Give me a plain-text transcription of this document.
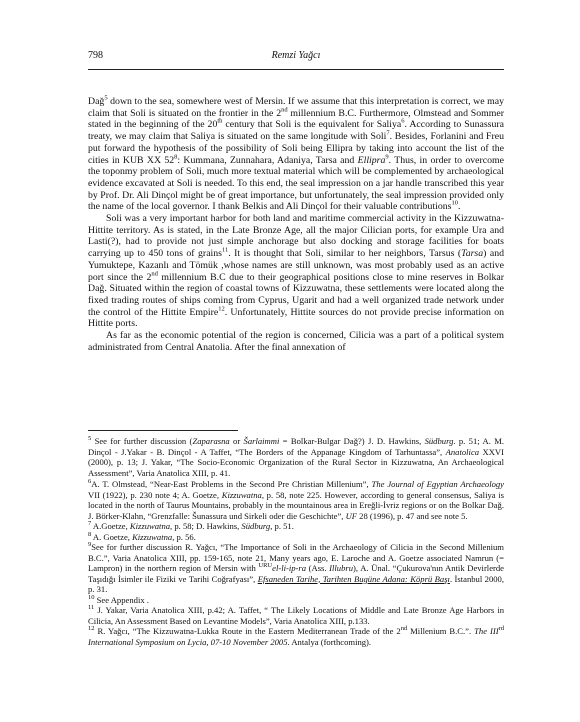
798	Remzi Yağcı

Dağ$^5$ down to the sea, somewhere west of Mersin. If we assume that this interpretation is correct, we may claim that Soli is situated on the frontier in the 2nd millennium B.C. Furthermore, Olmstead and Sommer stated in the beginning of the 20th century that Soli is the equivalent for Saliya$^6$. According to Sunassura treaty, we may claim that Saliya is situated on the same longitude with Soli$^7$. Besides, Forlanini and Freu put forward the hypothesis of the possibility of Soli being Ellipra by taking into account the list of the cities in KUB XX $52^8$: Kummana, Zunnahara, Adaniya, Tarsa and Ellipra$^9$. Thus, in order to overcome the toponmy problem of Soli, much more textual material which will be complemented by archaeological evidence excavated at Soli is needed. To this end, the seal impression on a jar handle transcribed this year by Prof. Dr. Ali Dinçol might be of great importance, but unfortunately, the seal impression provided only the name of the local governor. I thank Belkis and Ali Dinçol for their valuable contributions$^{10}$.

Soli was a very important harbor for both land and maritime commercial activity in the Kizzuwatna-Hittite territory. As is stated, in the Late Bronze Age, all the major Cilician ports, for example Ura and Lasti(?), had to provide not just simple anchorage but also docking and storage facilities for boats carrying up to 450 tons of grains$^{11}$. It is thought that Soli, similar to her neighbors, Tarsus (Tarsa) and Yumuktepe, Kazanlı and Tömük ,whose names are still unknown, was most probably used as an active port since the 2nd millennium B.C due to their geographical positions close to mine reserves in Bolkar Dağ. Situated within the region of coastal towns of Kizzuwatna, these settlements were located along the fixed trading routes of ships coming from Cyprus, Ugarit and had a well organized trade network under the control of the Hittite Empire$^{12}$. Unfortunately, Hittite sources do not provide precise information on Hittite ports.

As far as the economic potential of the region is concerned, Cilicia was a part of a political system administrated from Central Anatolia. After the final annexation of

$^5$ See for further discussion (Zaparasna or Šarlaimmi = Bolkar-Bulgar Dağ?) J. D. Hawkins, Südburg. p. 51; A. M. Dinçol - J.Yakar - B. Dinçol - A Taffet, “The Borders of the Appanage Kingdom of Tarhuntassa”, Anatolica XXVI (2000), p. 13; J. Yakar, “The Socio-Economic Organization of the Rural Sector in Kizzuwatna, An Archaeological Assessment”, Varia Anatolica XIII, p. 41.

$^6$A. T. Olmstead, “Near-East Problems in the Second Pre Christian Millenium”, The Journal of Egyptian Archaeology VII (1922), p. 230 note 4; A. Goetze, Kizzuwatna, p. 58, note 225. However, according to general consensus, Saliya is located in the north of Taurus Mountains, probably in the mountainous area in Ereğli-İvriz regions or on the Bolkar Dağ. J. Börker-Klahn, “Grenzfalle: Šunassura und Sirkeli oder die Geschichte”, UF 28 (1996), p. 47 and see note 5.

$^7$ A.Goetze, Kizzuwatna, p. 58; D. Hawkins, Südburg, p. 51.

$^8$ A. Goetze, Kizzuwatna, p. 56.

$^9$See for further discussion R. Yağcı, “The Importance of Soli in the Archaeology of Cilicia in the Second Millenium B.C.”, Varia Anatolica XIII, pp. 159-165, note 21, Many years ago, E. Laroche and A. Goetze associated Namrun (= Lampron) in the northern region of Mersin with $^{URU}$el-li-ip-ra (Ass. Illubru), A. Ünal. “Çukurova'nın Antik Devirlerde Taşıdığı İsimler ile Fiziki ve Tarihi Coğrafyası”, Efsaneden Tarihe, Tarihten Bugüne Adana: Köprü Başı. İstanbul 2000, p. 31.

$^{10}$ See Appendix .

$^{11}$ J. Yakar, Varia Anatolica XIII, p.42; A. Taffet, “ The Likely Locations of Middle and Late Bronze Age Harbors in Cilicia, An Assessment Based on Levantine Models”, Varia Anatolica XIII, p.133.

$^{12}$ R. Yağcı, “The Kizzuwatna-Lukka Route in the Eastern Mediterranean Trade of the 2nd Millenium B.C.”. The IIIrd International Symposium on Lycia, 07-10 November 2005. Antalya (forthcoming).
